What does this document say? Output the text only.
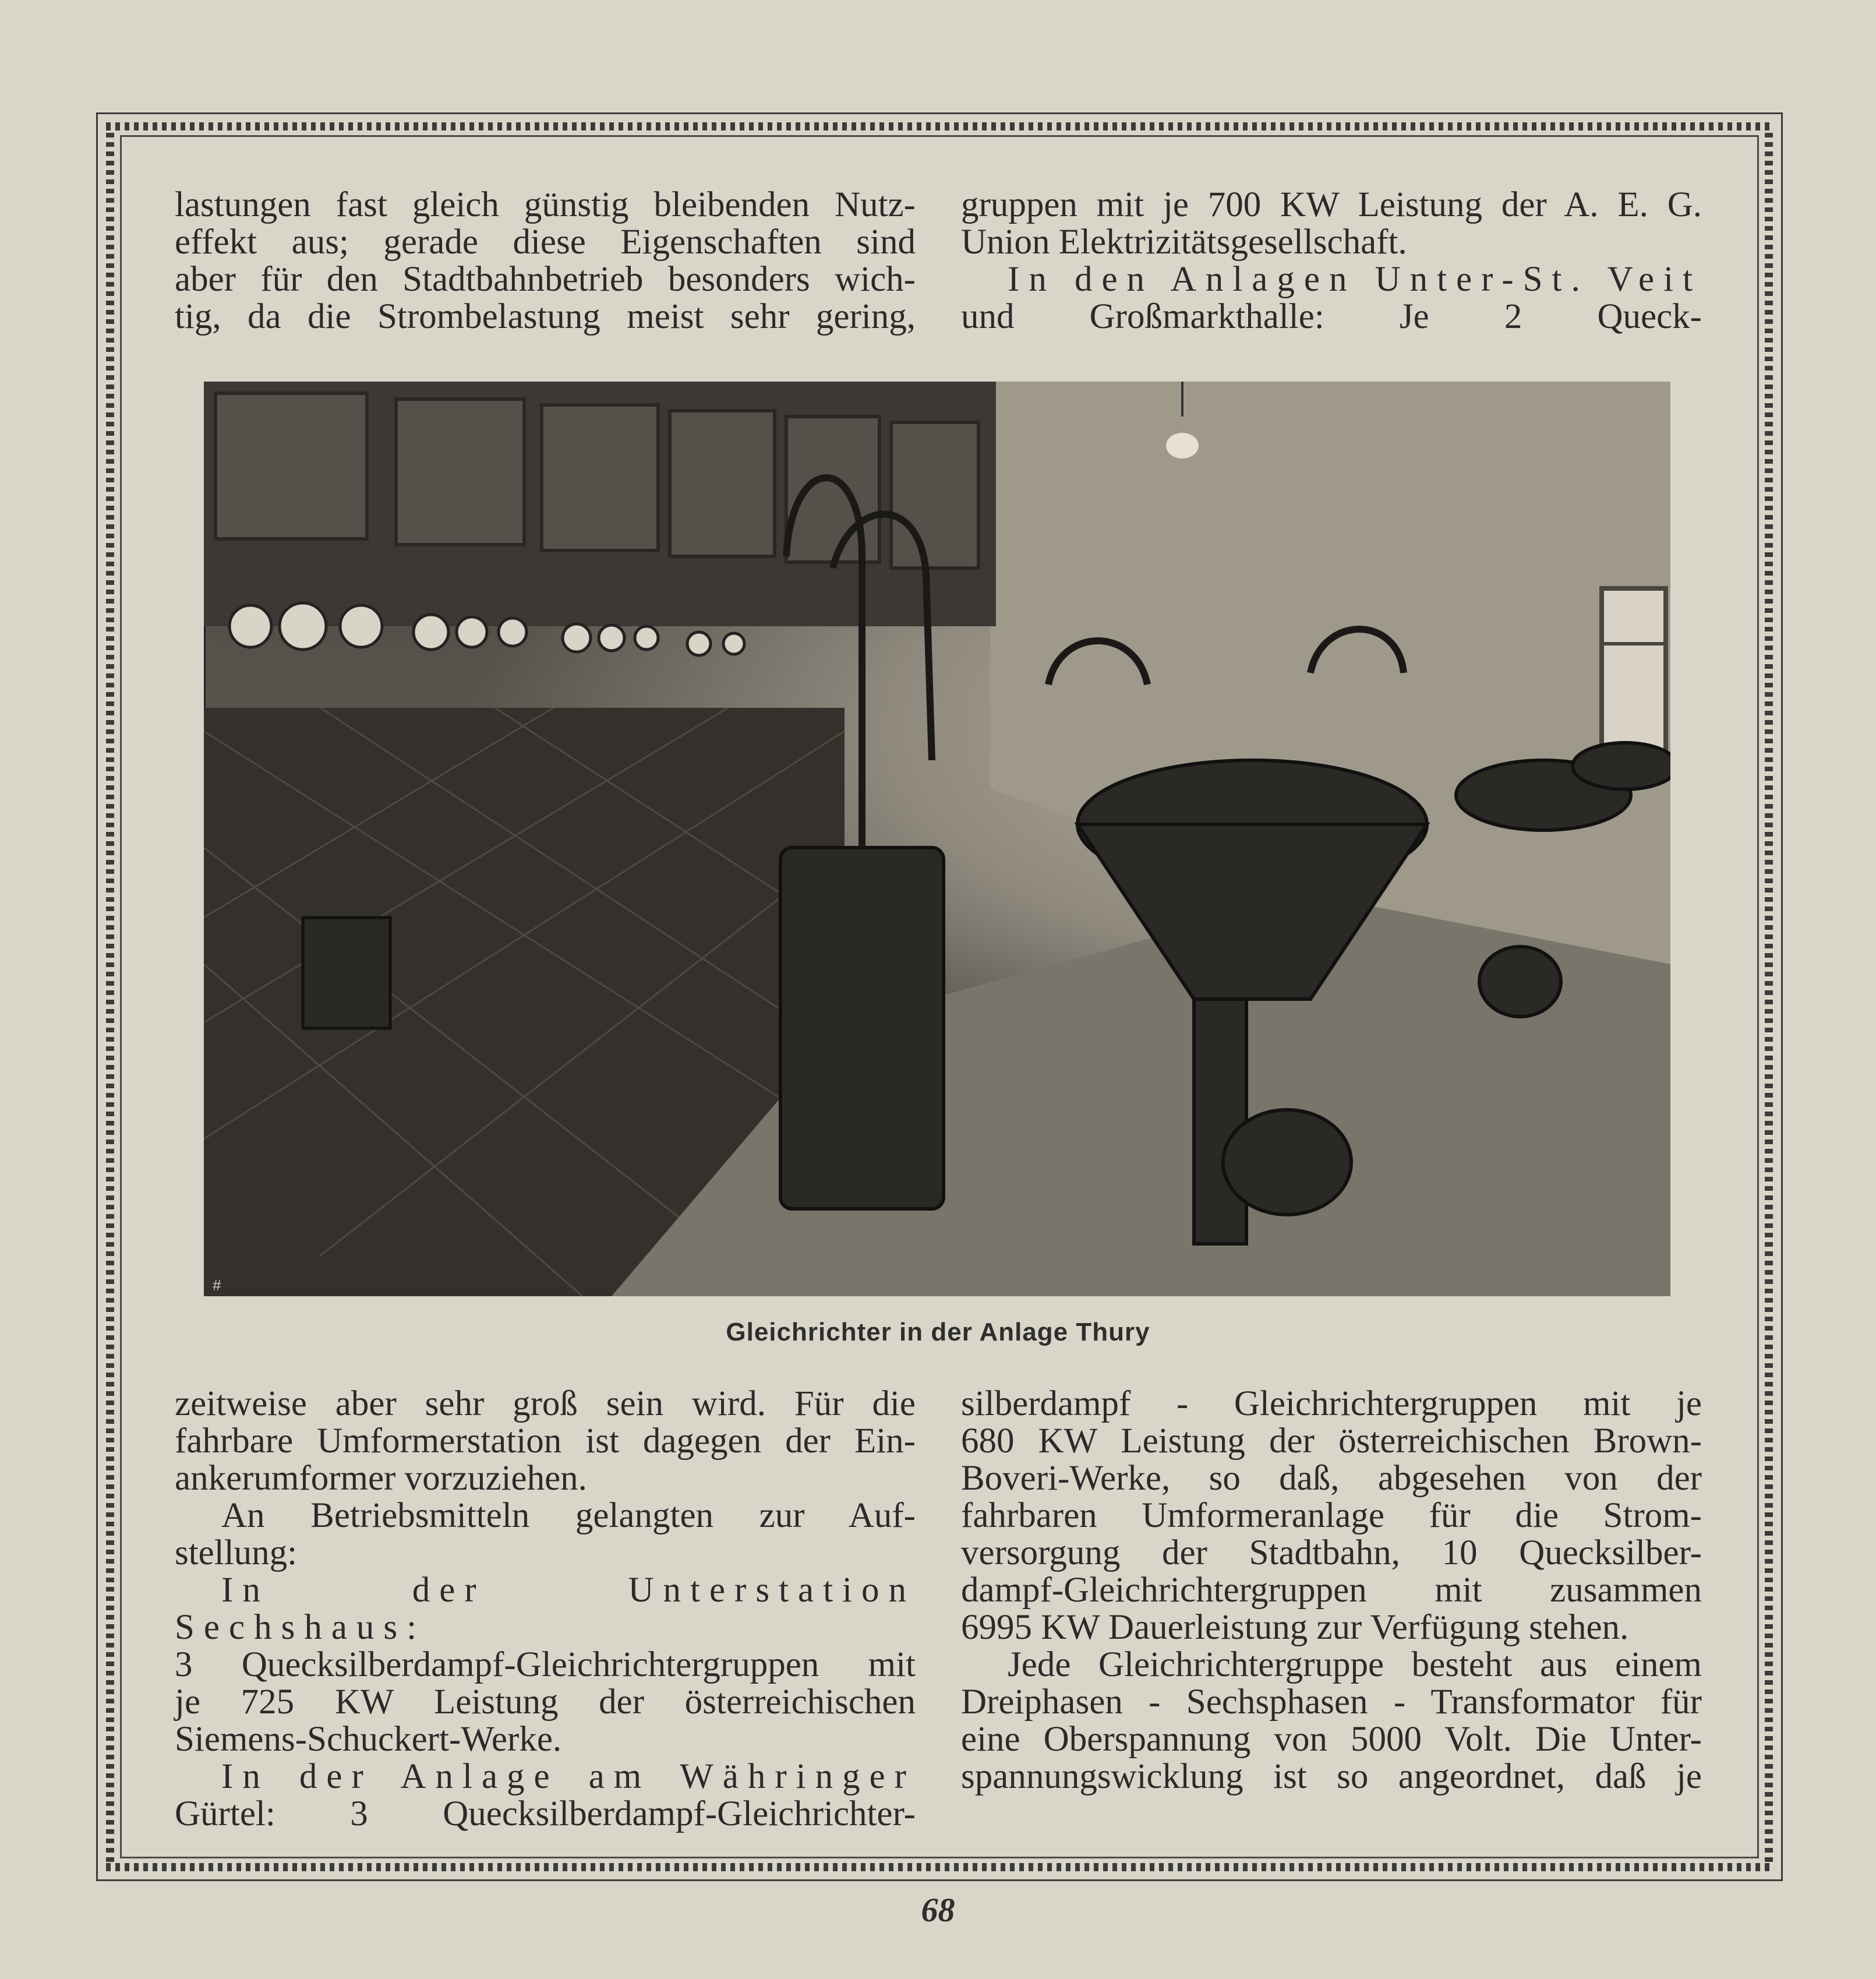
lastungen fast gleich günstig bleibenden Nutz-

effekt aus; gerade diese Eigenschaften sind

aber für den Stadtbahnbetrieb besonders wich-

tig, da die Strombelastung meist sehr gering,

gruppen mit je 700 KW Leistung der A. E. G.

Union Elektrizitätsgesellschaft.

In den Anlagen Unter-St. Veit

und Großmarkthalle: Je 2 Queck-

#
Gleichrichter in der Anlage Thury

zeitweise aber sehr groß sein wird. Für die

fahrbare Umformerstation ist dagegen der Ein-

ankerumformer vorzuziehen.

An Betriebsmitteln gelangten zur Auf-

stellung:

In der Unterstation Sechshaus:

3 Quecksilberdampf-Gleichrichtergruppen mit

je 725 KW Leistung der österreichischen

Siemens-Schuckert-Werke.

In der Anlage am Währinger

Gürtel: 3 Quecksilberdampf-Gleichrichter-

silberdampf - Gleichrichtergruppen mit je

680 KW Leistung der österreichischen Brown-

Boveri-Werke, so daß, abgesehen von der

fahrbaren Umformeranlage für die Strom-

versorgung der Stadtbahn, 10 Quecksilber-

dampf-Gleichrichtergruppen mit zusammen

6995 KW Dauerleistung zur Verfügung stehen.

Jede Gleichrichtergruppe besteht aus einem

Dreiphasen - Sechsphasen - Transformator für

eine Oberspannung von 5000 Volt. Die Unter-

spannungswicklung ist so angeordnet, daß je

68
